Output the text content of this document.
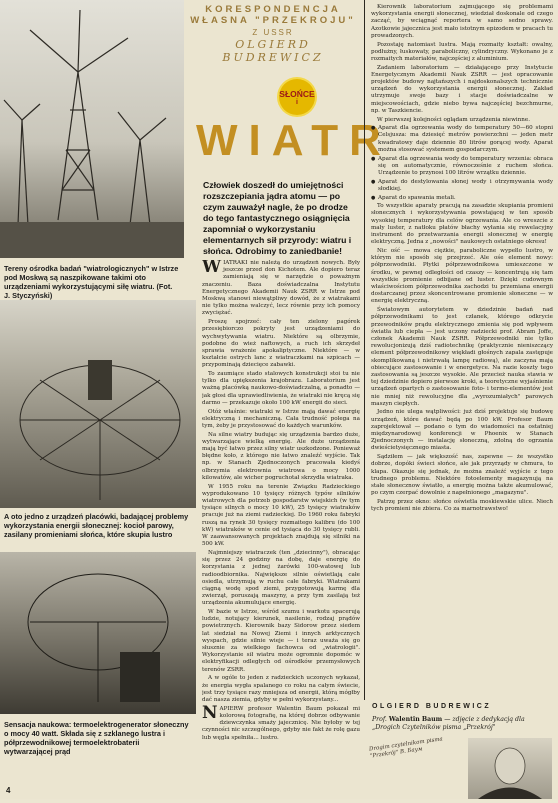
Tereny ośrodka badań "wiatrologicznych" w Istrze pod Moskwą są naszpikowane takimi oto urządzeniami wykorzystującymi siłę wiatru. (Fot. J. Styczyński)
A oto jedno z urządzeń placówki, badającej problemy wykorzystania energii słonecznej: kocioł parowy, zasilany promieniami słońca, które skupia lustro
Sensacja naukowa: termoelektrogenerator słoneczny o mocy 40 watt. Składa się z szklanego lustra i półprzewodnikowej termoelektrobaterii wytwarzającej prąd
KORESPONDENCJA
WŁASNA "PRZEKROJU"
Z USSR
OLGIERD BUDREWICZ
SŁOŃCE
i
WIATR
Człowiek doszedł do umiejętności rozszczepiania jądra atomu — po czym zauważył nagle, że po drodze do tego fantastycznego osiągnięcia zapomniał o wykorzystaniu elementarnych sił przyrody: wiatru i słońca. Odrobimy to zaniedbanie!

WIATRAKI nie należą do urządzeń nowych. Były jeszcze przed don Kichotem. Ale dopiero teraz zamieniają się w narzędzie o poważnym znaczeniu. Baza doświadczalna Instytutu Energetycznego Akademii Nauk ZSRR w Istrze pod Moskwą stanowi niewątpliwy dowód, że z wiatrakami nie tylko można walczyć, lecz równie przy ich pomocy zwyciężać.

Proszę spojrzeć: cały ten zielony pagórek przesiębiorczo pokryty jest urządzeniami do wychwytywania wiatru. Niektóre są olbrzymie, podobne do wież naftowych, a ruch ich skrzydeł sprawia wrażenie apokaliptyczne. Niektóre — w kształcie ostrych lanc z wiatraczkami na szpicach — przypominają dziecięce zabawki.

To zaumiące stado stalowych konstrukcji stoi tu nie tylko dla upiększenia krajobrazu. Laboratorium jest ważną placówką naukowo-doświadczalną, a ponadto — jak głosi dla uprawiedliwienia, że wiatraki nie kręcą się darmo — przekazuje około 100 kW energii do sieci.

Otóż właśnie: wiatraki w Istrze mają dawać energię elektryczną i mechaniczną. Cała trudność polega na tym, żeby je przystosować do każdych warunków.

Na silne wiatry budując się urządzenia bardzo duże, wytwarzające wielką energię. Ale duże urządzenia mają być łatwo przez silny wiatr uszkodzone. Ponieważ błędne koło, z którego nie łatwo znaleźć wyjście. Tak np. w Stanach Zjednoczonych pracowała kiedyś olbrzymia elektrownia wiatrowa o mocy 1000 kilowatów, ale wicher pogruchotał skrzydła wiatraka.

W 1955 roku na terenie Związku Radzieckiego wyprodukowano 10 tysięcy różnych typów silników wiatrowych dla potrzeb gospodarstw wiejskich (w tym tysiące silnych o mocy 10 kW), 25 tysięcy wiatraków pracuje już na ziemi radzieckiej. Do 1960 roku fabryki ruszą na rynek 30 tysięcy rozmaitego kalibru (do 100 kW) wiatraków w cenie od tysiąca do 30 tysięcy rubli. W zaawansowanych projektach znajdują się silniki na 500 kW.

Najmniejszy wiatraczek (ten „dziecinny"), obracając się przez 24 godziny na dobę, daje energię do korzystania z jednej żarówki 100-watowej lub radioodbiornika. Największe silnie oświetlają całe osiedla, utrzymują w ruchu całe fabryki. Wiatrakami ciągną wodę spod ziemi, przygotowują karmę dla zwierząt, poruszają maszyny, a przy tym zasilają też urządzenia akumulujące energię.

W bazie w Istrze, wśród szumu i warkotu spacerują ludzie, notujący kierunek, nasilenie, rodzaj prądów powietrznych. Kierownik bazy Sidorow przez siedem lat siedział na Nowej Ziemi i innych arktycznych wyspach, gdzie silnie wieje — i teraz uważa się go słusznie za wielkiego fachowca od „wiatrologii". Wykorzystanie sił wiatru może ogromnie dopomóc w elektryfikacji odległych od ośrodków przemysłowych terenów ZSRR.

A w ogóle to jeden z radzieckich uczonych wykazał, że energia wygła spalanego co roku na całym świecie, jest trzy tysiące razy mniejsza od energii, którą mógłby dać nasza ziemia, gdyby w pełni wykorzystany...

NAPIERW profesor Walentin Baum pokazał mi kolorową fotografię, na której dobrze odbywanie dziewczynka smaży jajecznicę. Nie byłoby w tej czynności nic szczególnego, gdyby nie fakt że rolę gazu lub węgla spełniła... lustro.

Kierownik laboratorium zajmującego się problemami wykorzystania energii słonecznej, wiedział doskonale od czego zacząć, by wciągnąć reportera w samo sedno sprawy. Azotkowie jajecznica jest mało istotnym epizodem w pracach tu prowadzonych.

Pozostaję natomiast lustra. Mają rozmaity kształt: owalny, podłużny, łuskowaty, paraboliczny, cylindryczny. Wykonano je z rozmaitych materiałów, najczęściej z aluminium.

Zadaniem laboratorium — działającego przy Instytucie Energetycznym Akademii Nauk ZSRR — jest opracowanie projektów budowy najtańszych i najdoskonalszych technicznie urządzeń do wykorzystania energii słonecznej. Zakład utrzymuje swoje bazy i stacje doświadczalne w miejscowościach, gdzie niebo bywa najczęściej bezchmurne, np. w Taszkiencie.

W pierwszej kolejności oglądam urządzenia niewinne.

● Aparat dla ogrzewania wody do temperatury 50—60 stopni Celsjusza: ma dziesięć metrów powierzchni — jeden metr kwadratowy daje dziennie 80 litrów gorącej wody. Aparat można stosować systemem gospodarczym.

● Aparat dla ogrzewania wody do temperatury wrzenia: obraca się on automatycznie, równocześnie z ruchem słońca. Urządzenie to przynosi 100 litrów wrzątku dziennie.

● Aparat do destylowania słonej wody i otrzymywania wody słodkiej.

● Aparat do spawania metali.

To wszystkie aparaty pracują na zasadzie skupiania promieni słonecznych i wykorzystywania powstającej w ten sposób wysokiej temperatury dla celów ogrzewania. Ale co wreszcie z mały luster, z natłoku płatów błachy wyłania się rewelacyjny instrument do przetwarzania energii słonecznej w energię elektryczną. Jedna z „nowości" naukowych ostatniego okresu!

Nic ość — mowa ciężkie, paraboliczne wypełlo lustro, w którym nie sposób się przejrzeć. Ale ośe element nowy: półprzewodniki. Płytki półprzewodnikowa umieszczone w środku, w pewnej odległości od czaszy — koncentrują się tam wszystkie promienie odbijane od luster. Dzięki cudownym właściwościom półprzewodnika zachodzi tu przemiana energii dostarczanej przez skoncentrowane promienie słoneczne — w energię elektryczną.

Światowym autorytetem w dziedzinie badań nad półprzewodnikami to jest człanek, którego odkrycie przewodników prądu elektrycznego zmienia się pod wpływem światła lub ciepła — jest uczony radziecki prof. Abram Joffe, członek Akademii Nauk ZSRR. Półprzewodniki nie tylko rewolucjonizują dziś radiotechnikę (praktycznie nieniszczący element półprzewodnikowy więkładi głośnych zapala zastępuje skomplikowaną i nietrwałą lampę radiową), ale zaczyna mają obiecujące zastosowanie i w energetyce. Na razie koszty tego zastosowania są jeszcze wysokie. Ale przecież nauka stawia w tej dziedzinie dopiero pierwsze kroki, a teoretyczne wyjaśnienie urządzeń opartych o zastosowanie foto- i termo-elementów jest nie mniej niż rewolucyjne dla „wyrozumiałych" parowych maszyn ciepłych.

Jedno nie ulega wątpliwości: już dziś projektuje się budowę urządzeń, które dawać będą po 100 kW. Profesor Baum zaprojektował — podano o tym do wiadomości na ostatniej międzynarodowej konferencji w Phoenix w Stanach Zjednoczonych — instalację słoneczną, zdolną do ogrzania dwieścietysięcznego miasta.

Sądziłem — jak większość nas, zapewne — że wszystko dobrze, dopóki świeci słońce, ale jak przyrządy w chmura, to klapa. Okazuje się jednak, że można znaleźć wyjście z tego trudnego problemu. Niektóre fotoelementy magazynują na stałe słonecznow światło, a energię można także akumulować, po czym czerpać dowolnie z napełnionego „magazynu".

Patrzę przez okno: słońce oświetla moskiewskie ulice. Niech tych promieni nie zbiera. Co za marnotrawstwo!

OLGIERD BUDREWICZ
Prof. Walentin Baum — zdjęcie z dedykacją dla „Drogich Czytelników pisma „Przekrój"
Drogim czytelnikom pisma "Przekrój" В. Баум
4
